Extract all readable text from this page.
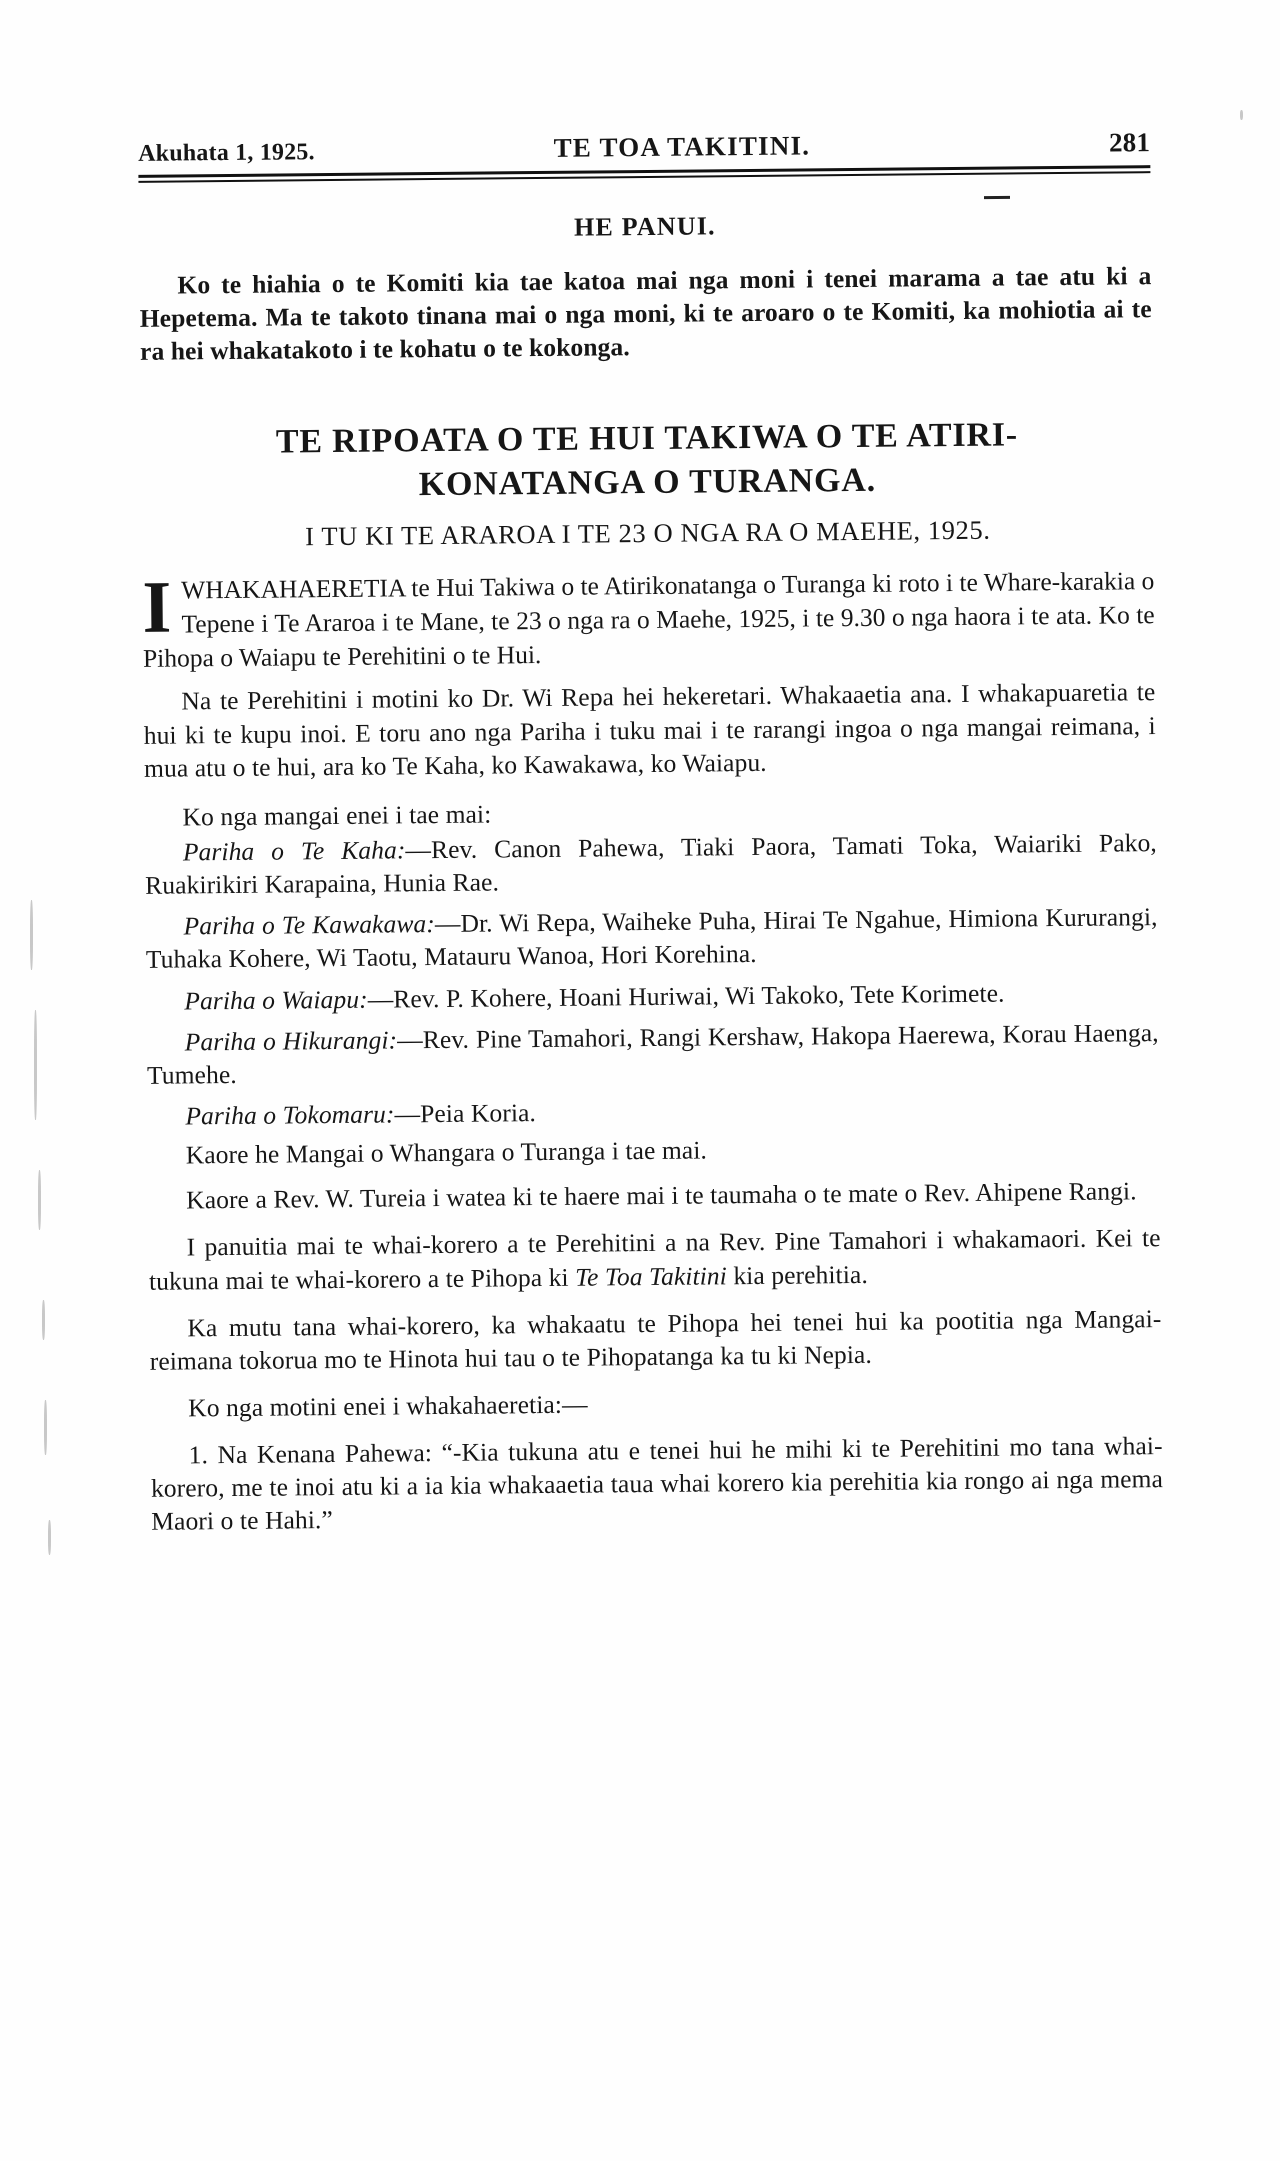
Akuhata 1, 1925.	TE TOA TAKITINI.	281
HE PANUI.

Ko te hiahia o te Komiti kia tae katoa mai nga moni i tenei marama a tae atu ki a Hepetema. Ma te takoto tinana mai o nga moni, ki te aroaro o te Komiti, ka mohiotia ai te ra hei whakatakoto i te kohatu o te kokonga.

TE RIPOATA O TE HUI TAKIWA O TE ATIRI-
KONATANGA O TURANGA.
I TU KI TE ARAROA I TE 23 O NGA RA O MAEHE, 1925.
I WHAKAHAERETIA te Hui Takiwa o te Atirikonatanga o Turanga ki roto i te Whare-karakia o Tepene i Te Araroa i te Mane, te 23 o nga ra o Maehe, 1925, i te 9.30 o nga haora i te ata. Ko te Pihopa o Waiapu te Perehitini o te Hui.

Na te Perehitini i motini ko Dr. Wi Repa hei hekeretari. Whakaaetia ana. I whakapuaretia te hui ki te kupu inoi. E toru ano nga Pariha i tuku mai i te rarangi ingoa o nga mangai reimana, i mua atu o te hui, ara ko Te Kaha, ko Kawakawa, ko Waiapu.

Ko nga mangai enei i tae mai:

Pariha o Te Kaha:—Rev. Canon Pahewa, Tiaki Paora, Tamati Toka, Waiariki Pako, Ruakirikiri Karapaina, Hunia Rae.

Pariha o Te Kawakawa:—Dr. Wi Repa, Waiheke Puha, Hirai Te Ngahue, Himiona Kururangi, Tuhaka Kohere, Wi Taotu, Matauru Wanoa, Hori Korehina.

Pariha o Waiapu:—Rev. P. Kohere, Hoani Huriwai, Wi Takoko, Tete Korimete.

Pariha o Hikurangi:—Rev. Pine Tamahori, Rangi Kershaw, Hakopa Haerewa, Korau Haenga, Tumehe.

Pariha o Tokomaru:—Peia Koria.

Kaore he Mangai o Whangara o Turanga i tae mai.

Kaore a Rev. W. Tureia i watea ki te haere mai i te taumaha o te mate o Rev. Ahipene Rangi.

I panuitia mai te whai-korero a te Perehitini a na Rev. Pine Tamahori i whakamaori. Kei te tukuna mai te whai-korero a te Pihopa ki Te Toa Takitini kia perehitia.

Ka mutu tana whai-korero, ka whakaatu te Pihopa hei tenei hui ka pootitia nga Mangai-reimana tokorua mo te Hinota hui tau o te Pihopatanga ka tu ki Nepia.

Ko nga motini enei i whakahaeretia:—

1. Na Kenana Pahewa: “-Kia tukuna atu e tenei hui he mihi ki te Perehitini mo tana whai-korero, me te inoi atu ki a ia kia whakaaetia taua whai korero kia perehitia kia rongo ai nga mema Maori o te Hahi.”
